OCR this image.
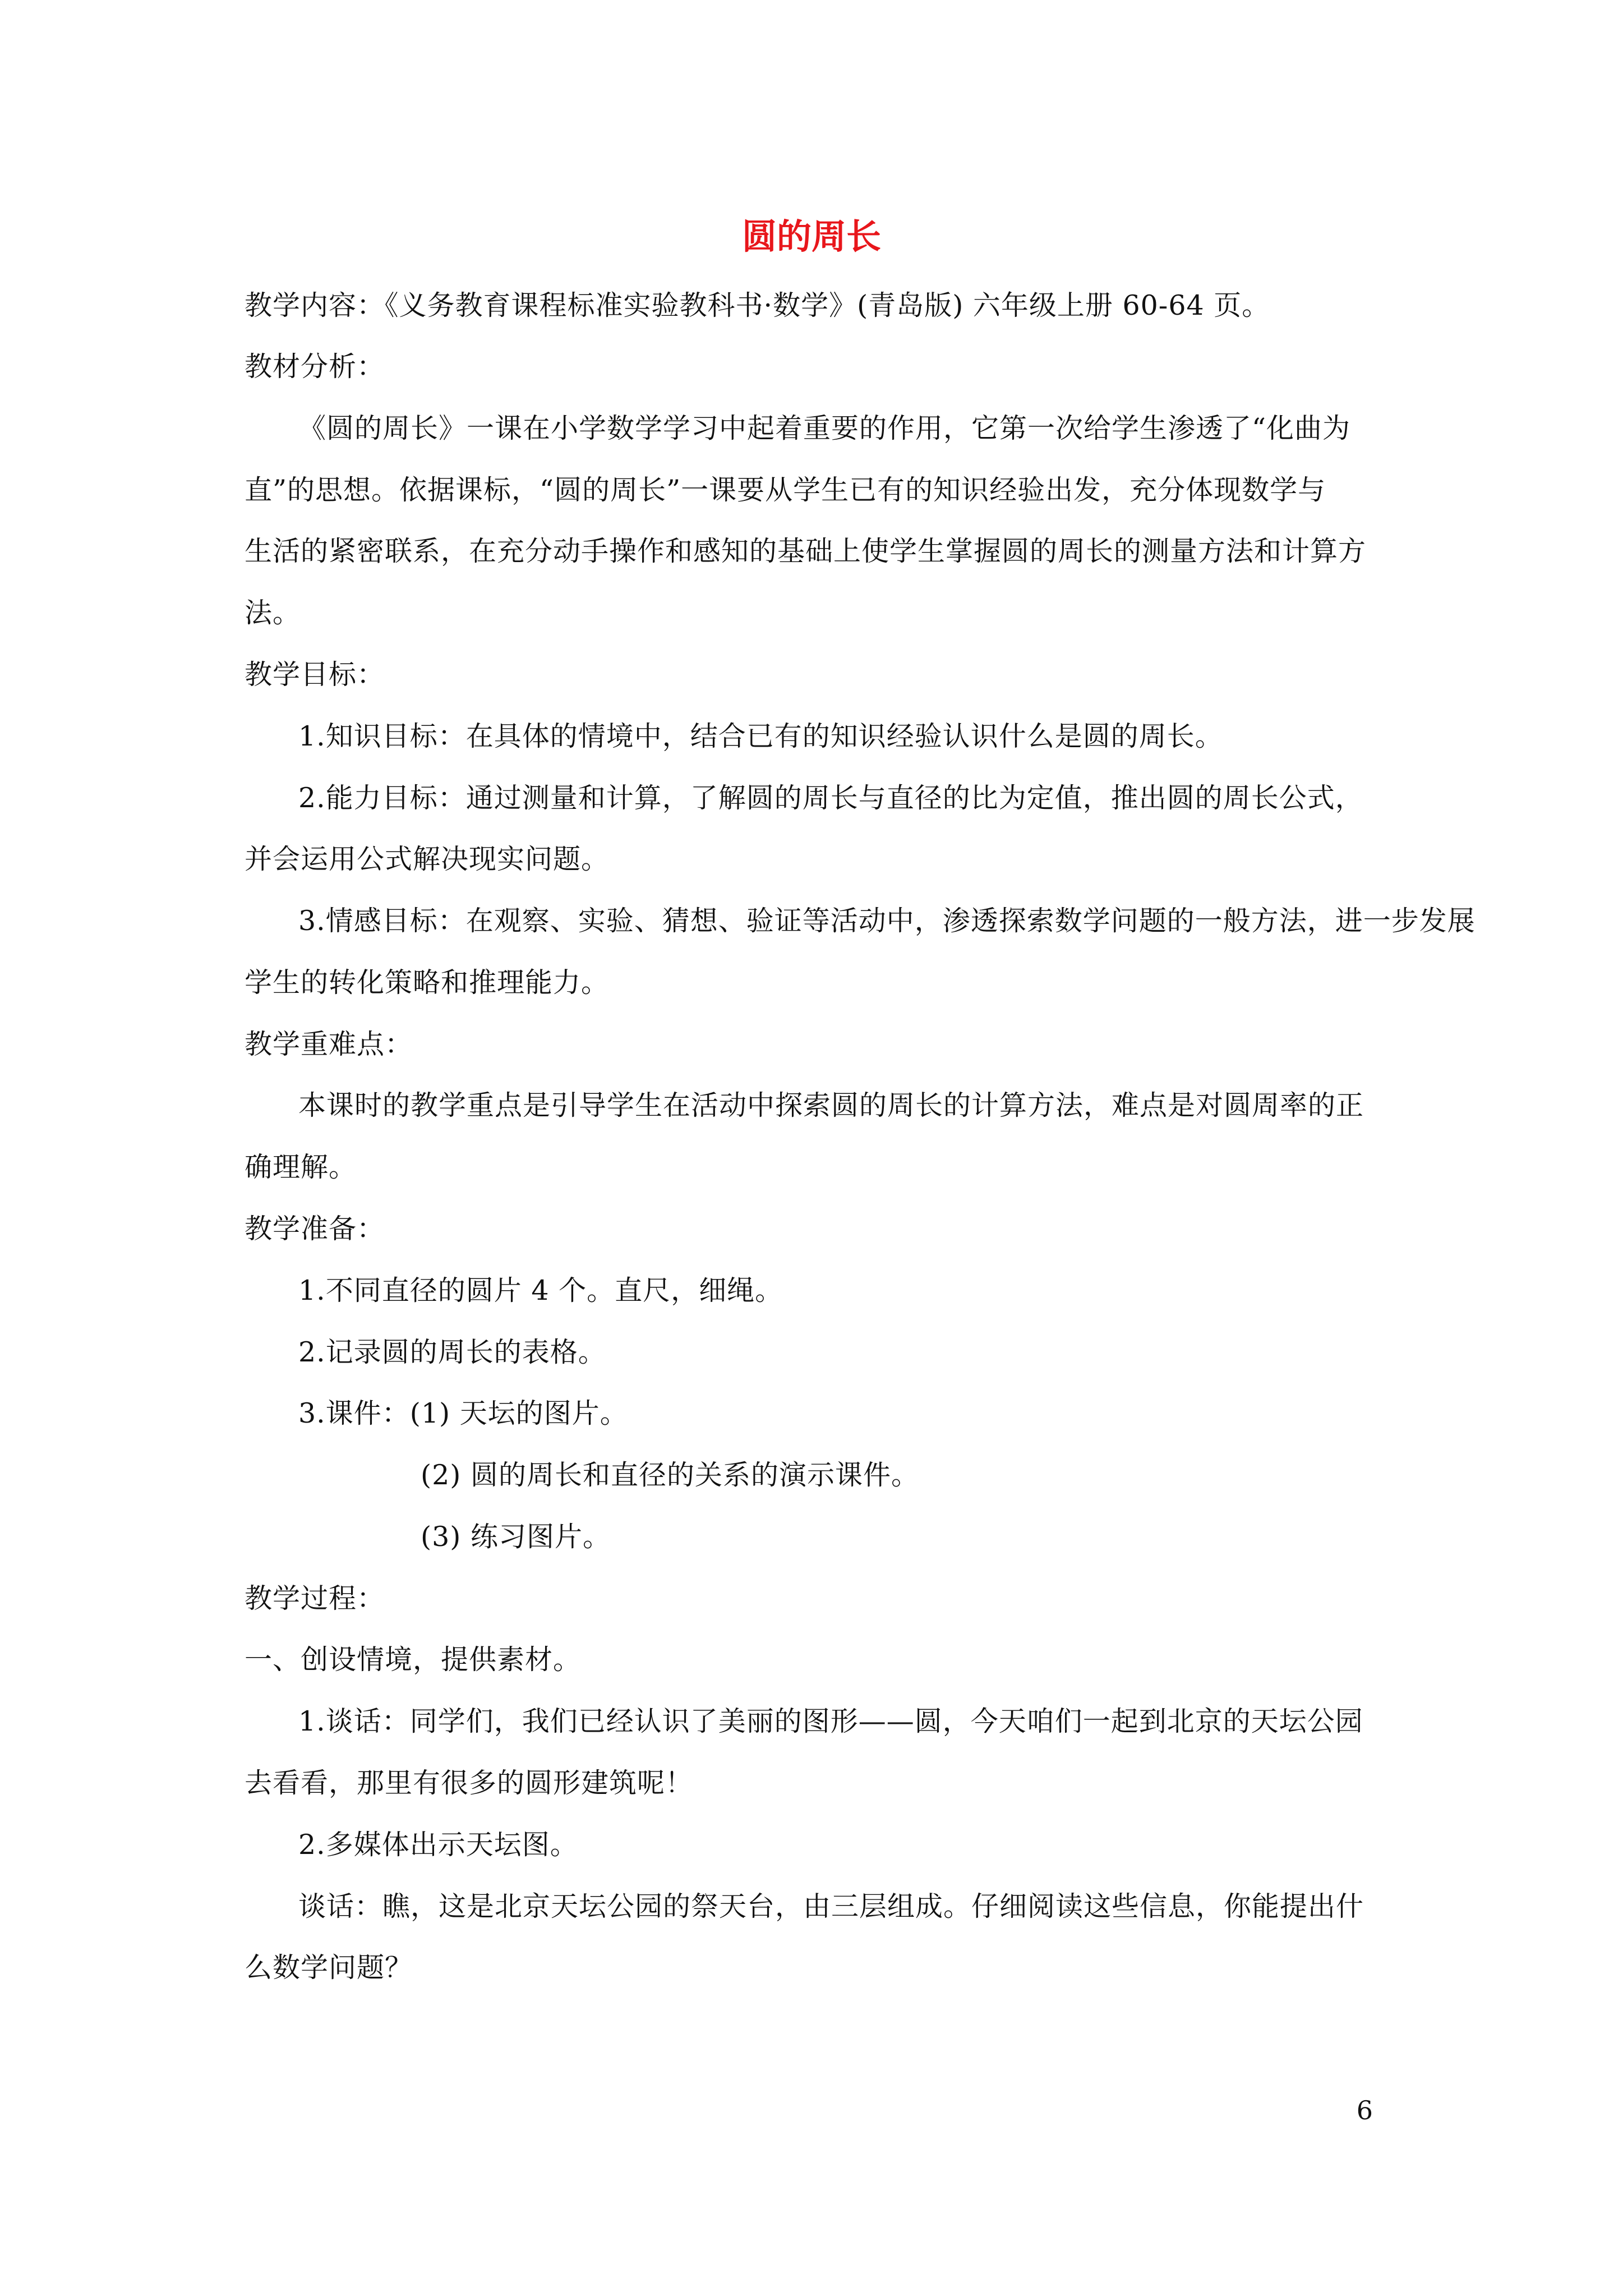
圆的周长
教学内容：《义务教育课程标准实验教科书·数学》(青岛版) 六年级上册 60-64 页。
教材分析：
《圆的周长》一课在小学数学学习中起着重要的作用，它第一次给学生渗透了“化曲为
直”的思想。依据课标，“圆的周长”一课要从学生已有的知识经验出发，充分体现数学与
生活的紧密联系，在充分动手操作和感知的基础上使学生掌握圆的周长的测量方法和计算方
法。
教学目标：
1.知识目标：在具体的情境中，结合已有的知识经验认识什么是圆的周长。
2.能力目标：通过测量和计算，了解圆的周长与直径的比为定值，推出圆的周长公式，
并会运用公式解决现实问题。
3.情感目标：在观察、实验、猜想、验证等活动中，渗透探索数学问题的一般方法，进一步发展
学生的转化策略和推理能力。
教学重难点：
本课时的教学重点是引导学生在活动中探索圆的周长的计算方法，难点是对圆周率的正
确理解。
教学准备：
1.不同直径的圆片 4 个。直尺，细绳。
2.记录圆的周长的表格。
3.课件：(1) 天坛的图片。
(2) 圆的周长和直径的关系的演示课件。
(3) 练习图片。
教学过程：
一、创设情境，提供素材。
1.谈话：同学们，我们已经认识了美丽的图形——圆，今天咱们一起到北京的天坛公园
去看看，那里有很多的圆形建筑呢！
2.多媒体出示天坛图。
谈话：瞧，这是北京天坛公园的祭天台，由三层组成。仔细阅读这些信息，你能提出什
么数学问题？
6
